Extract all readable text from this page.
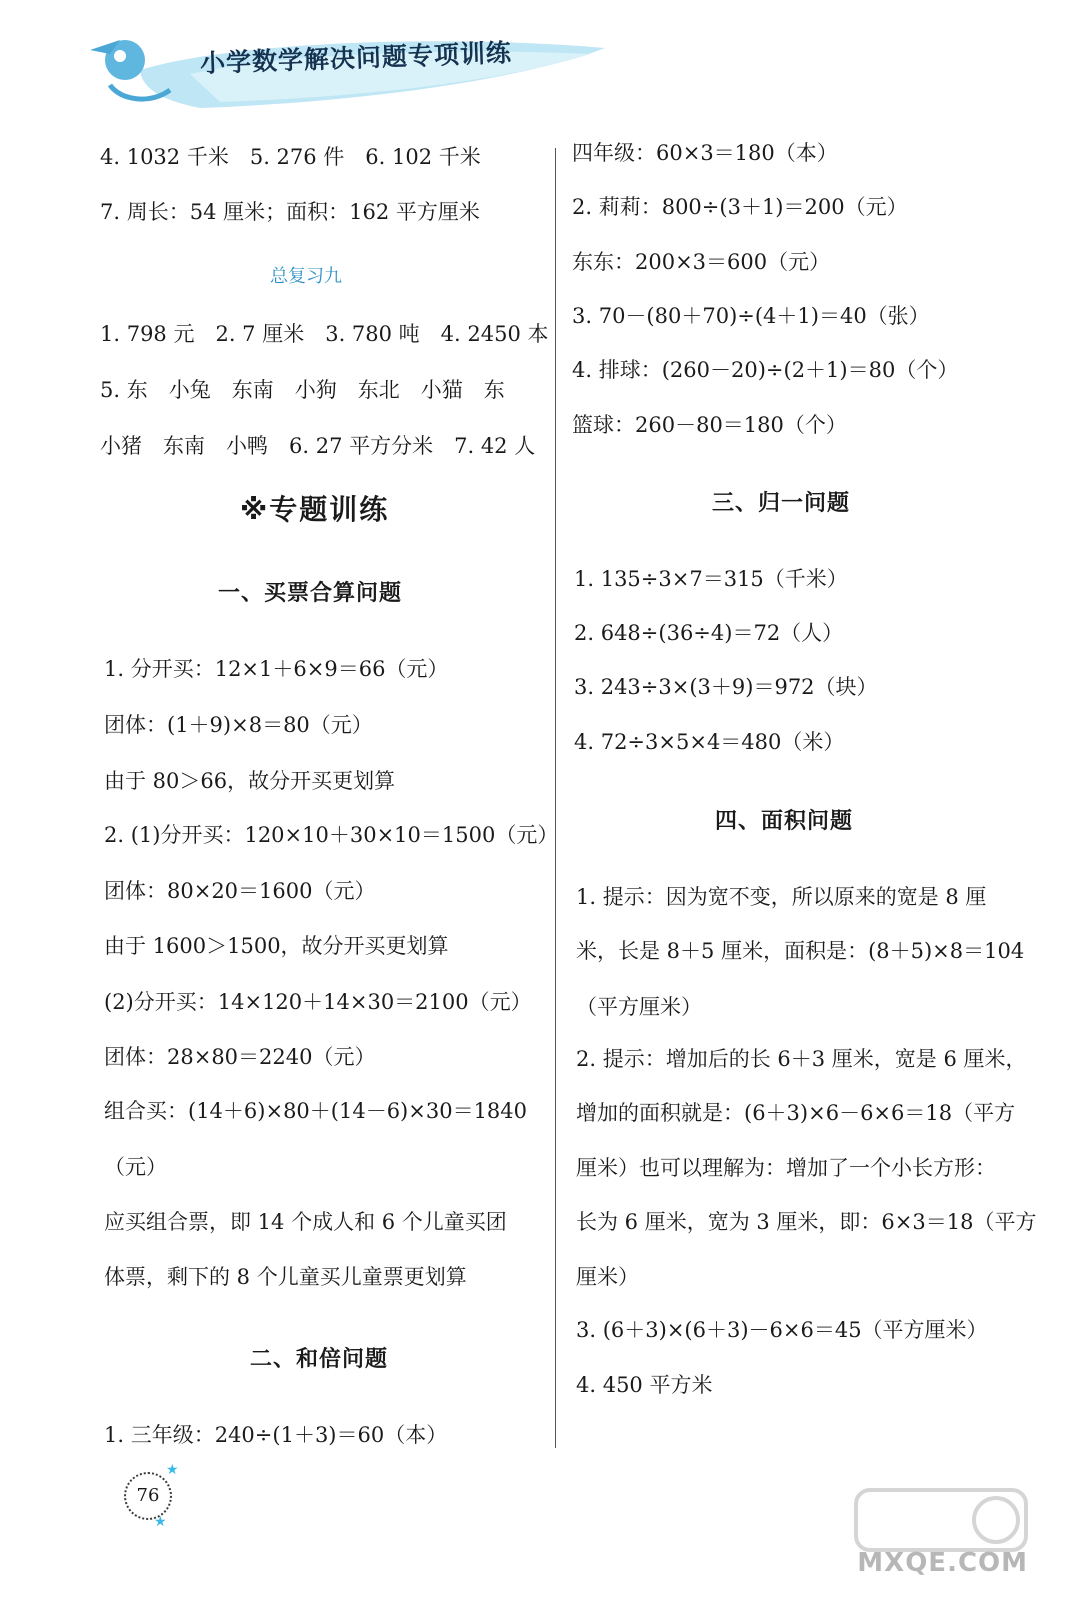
小学数学解决问题专项训练
4. 1032 千米　5. 276 件　6. 102 千米
7. 周长：54 厘米；面积：162 平方厘米
总复习九
1. 798 元　2. 7 厘米　3. 780 吨　4. 2450 本
5. 东　小兔　东南　小狗　东北　小猫　东
小猪　东南　小鸭　6. 27 平方分米　7. 42 人
※专题训练
一、买票合算问题
1. 分开买：12×1＋6×9＝66（元）
团体：(1＋9)×8＝80（元）
由于 80＞66，故分开买更划算
2. (1)分开买：120×10＋30×10＝1500（元）
团体：80×20＝1600（元）
由于 1600＞1500，故分开买更划算
(2)分开买：14×120＋14×30＝2100（元）
团体：28×80＝2240（元）
组合买：(14＋6)×80＋(14－6)×30＝1840
（元）
应买组合票，即 14 个成人和 6 个儿童买团
体票，剩下的 8 个儿童买儿童票更划算
二、和倍问题
1. 三年级：240÷(1＋3)＝60（本）
四年级：60×3＝180（本）
2. 莉莉：800÷(3＋1)＝200（元）
东东：200×3＝600（元）
3. 70－(80＋70)÷(4＋1)＝40（张）
4. 排球：(260－20)÷(2＋1)＝80（个）
篮球：260－80＝180（个）
三、归一问题
1. 135÷3×7＝315（千米）
2. 648÷(36÷4)＝72（人）
3. 243÷3×(3＋9)＝972（块）
4. 72÷3×5×4＝480（米）
四、面积问题
1. 提示：因为宽不变，所以原来的宽是 8 厘
米，长是 8＋5 厘米，面积是：(8＋5)×8＝104
（平方厘米）
2. 提示：增加后的长 6＋3 厘米，宽是 6 厘米，
增加的面积就是：(6＋3)×6－6×6＝18（平方
厘米）也可以理解为：增加了一个小长方形：
长为 6 厘米，宽为 3 厘米，即：6×3＝18（平方
厘米）
3. (6＋3)×(6＋3)－6×6＝45（平方厘米）
4. 450 平方米
76
★
★
MXQE.COM
